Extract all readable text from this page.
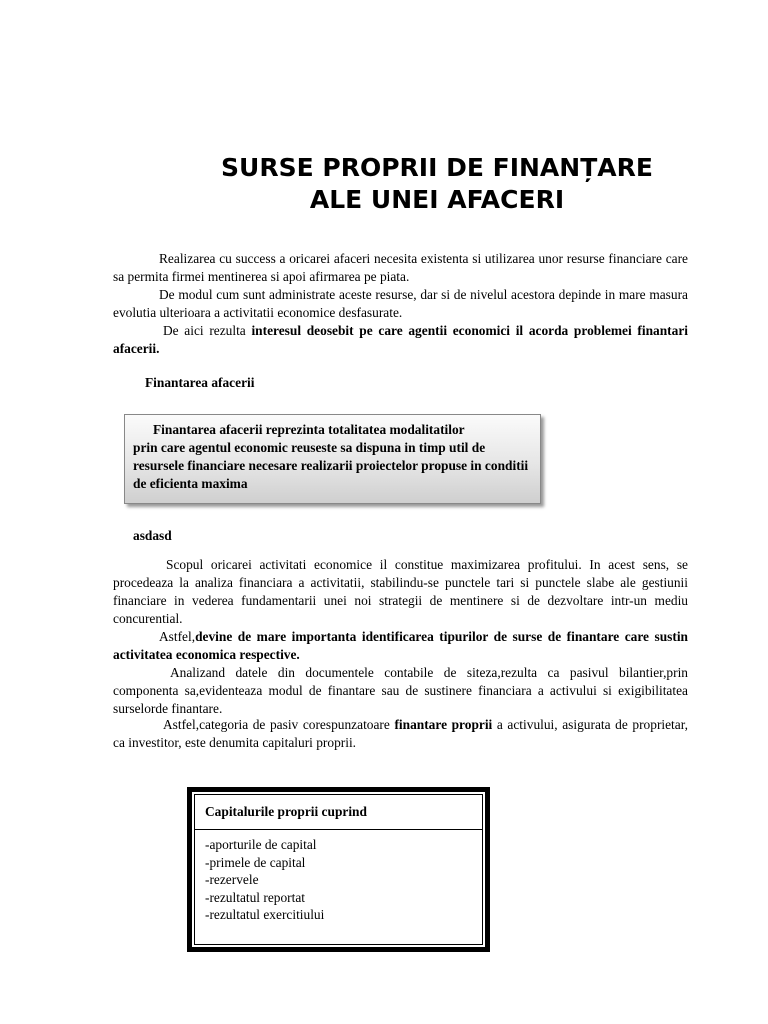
SURSE PROPRII DE FINANȚARE
ALE UNEI AFACERI

Realizarea cu success a oricarei afaceri necesita existenta si utilizarea unor resurse financiare care sa permita firmei mentinerea si apoi afirmarea pe piata.

De modul cum sunt administrate aceste resurse, dar si de nivelul acestora depinde in mare masura evolutia ulterioara a activitatii economice desfasurate.

De aici rezulta interesul deosebit pe care agentii economici il acorda problemei finantari afacerii.

Finantarea afacerii

Finantarea afacerii reprezinta totalitatea modalitatilor

prin care agentul economic reuseste sa dispuna in timp util de resursele financiare necesare realizarii proiectelor propuse in conditii de eficienta maxima

asdasd

Scopul oricarei activitati economice il constitue maximizarea profitului. In acest sens, se procedeaza la analiza financiara a activitatii, stabilindu-se punctele tari si punctele slabe ale gestiunii financiare in vederea fundamentarii unei noi strategii de mentinere si de dezvoltare intr-un mediu concurential.

Astfel,devine de mare importanta identificarea tipurilor de surse de finantare care sustin activitatea economica respective.

Analizand datele din documentele contabile de siteza,rezulta ca pasivul bilantier,prin componenta sa,evidenteaza modul de finantare sau de sustinere financiara a activului si exigibilitatea surselorde finantare.

Astfel,categoria de pasiv corespunzatoare finantare proprii a activului, asigurata de proprietar, ca investitor, este denumita capitaluri proprii.

Capitalurile proprii cuprind
-aporturile de capital
-primele de capital
-rezervele
-rezultatul reportat
-rezultatul exercitiului
